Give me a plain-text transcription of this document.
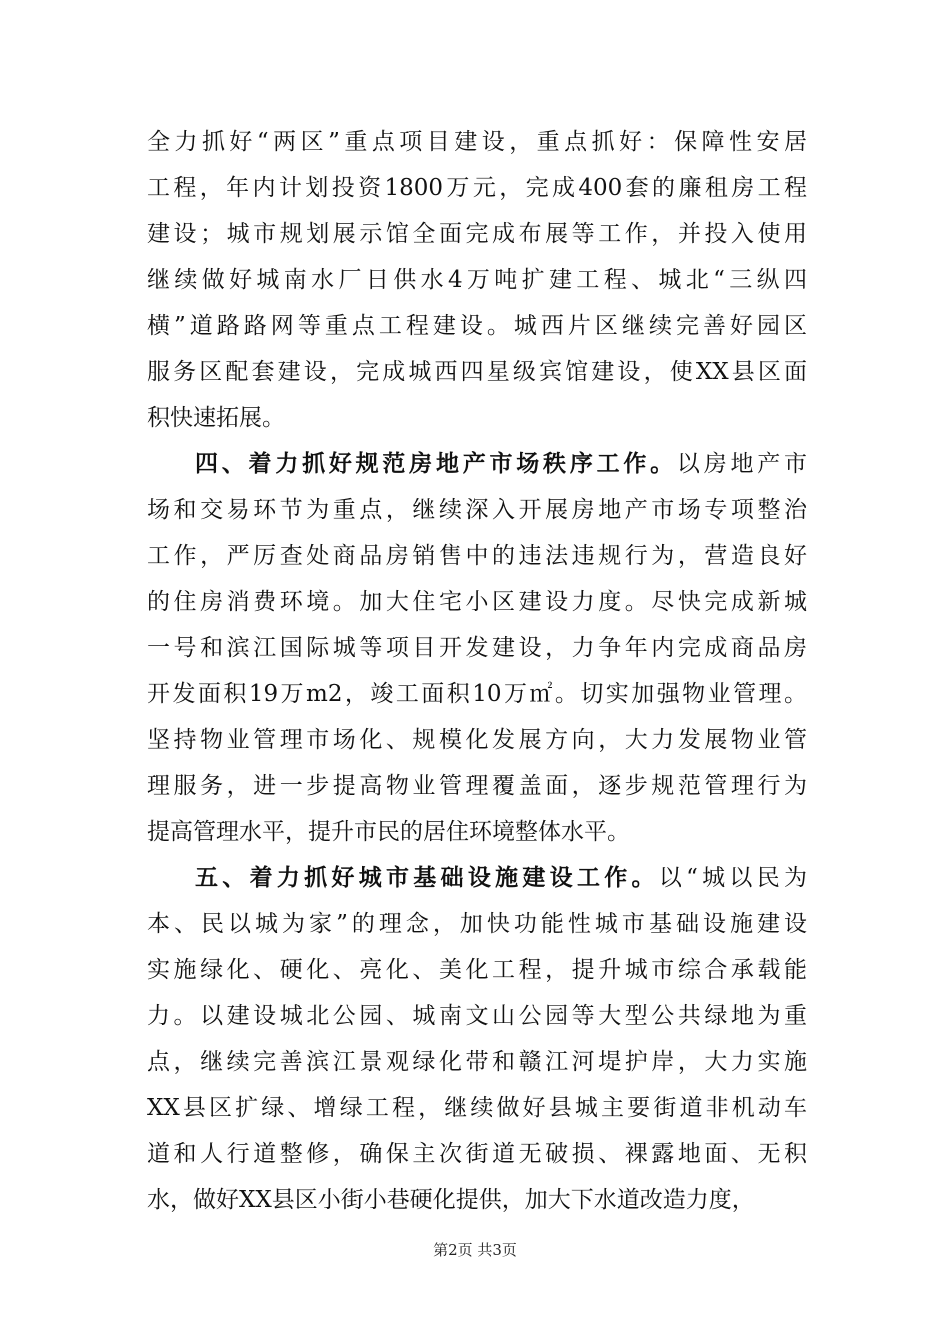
全力抓好“两区”重点项目建设，重点抓好：保障性安居
工程，年内计划投资1800万元，完成400套的廉租房工程
建设；城市规划展示馆全面完成布展等工作，并投入使用
继续做好城南水厂日供水4万吨扩建工程、城北“三纵四
横”道路路网等重点工程建设。城西片区继续完善好园区
服务区配套建设，完成城西四星级宾馆建设，使XX县区面
积快速拓展。
四、着力抓好规范房地产市场秩序工作。以房地产市
场和交易环节为重点，继续深入开展房地产市场专项整治
工作，严厉查处商品房销售中的违法违规行为，营造良好
的住房消费环境。加大住宅小区建设力度。尽快完成新城
一号和滨江国际城等项目开发建设，力争年内完成商品房
开发面积19万m2，竣工面积10万㎡。切实加强物业管理。
坚持物业管理市场化、规模化发展方向，大力发展物业管
理服务，进一步提高物业管理覆盖面，逐步规范管理行为
提高管理水平，提升市民的居住环境整体水平。
五、着力抓好城市基础设施建设工作。以“城以民为
本、民以城为家”的理念，加快功能性城市基础设施建设
实施绿化、硬化、亮化、美化工程，提升城市综合承载能
力。以建设城北公园、城南文山公园等大型公共绿地为重
点，继续完善滨江景观绿化带和赣江河堤护岸，大力实施
XX县区扩绿、增绿工程，继续做好县城主要街道非机动车
道和人行道整修，确保主次街道无破损、裸露地面、无积
水，做好XX县区小街小巷硬化提供，加大下水道改造力度，
第2页 共3页
